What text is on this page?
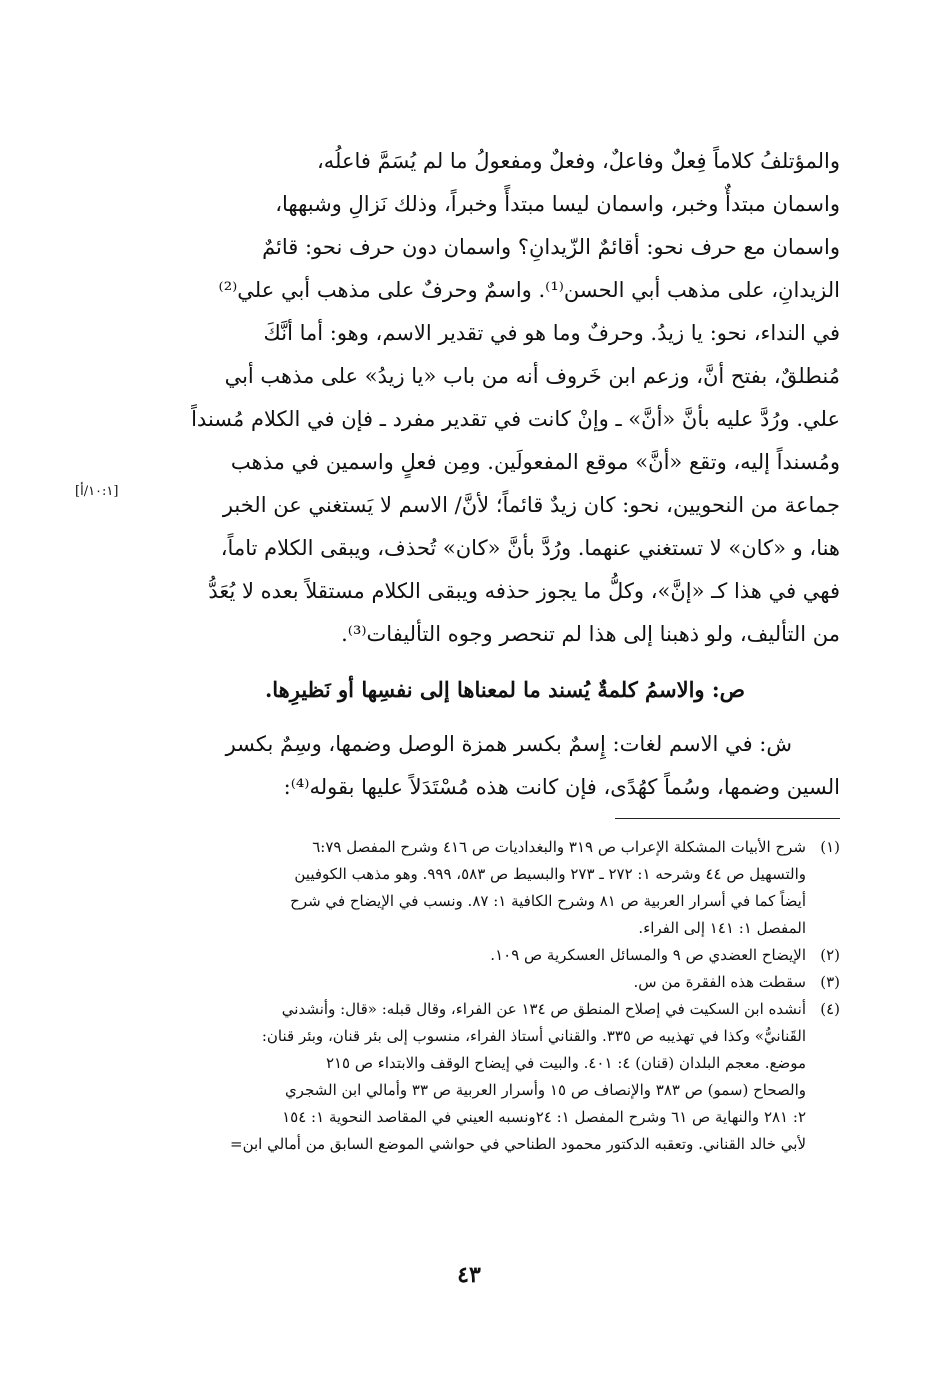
والمؤتلفُ كلاماً فِعلٌ وفاعلٌ، وفعلٌ ومفعولُ ما لم يُسَمَّ فاعلُه،
واسمان مبتدأٌ وخبر، واسمان ليسا مبتدأً وخبراً، وذلك نَزالِ وشبهها،
واسمان مع حرف نحو: أقائمٌ الزّيدانِ؟ واسمان دون حرف نحو: قائمٌ
الزيدانِ، على مذهب أبي الحسن⁽¹⁾. واسمٌ وحرفٌ على مذهب أبي علي⁽²⁾
في النداء، نحو: يا زيدُ. وحرفٌ وما هو في تقدير الاسم، وهو: أما أنَّكَ
مُنطلقٌ، بفتح أنَّ، وزعم ابن خَروف أنه من باب «يا زيدُ» على مذهب أبي
علي. ورُدَّ عليه بأنَّ «أنَّ» ـ وإنْ كانت في تقدير مفرد ـ فإن في الكلام مُسنداً
ومُسنداً إليه، وتقع «أنَّ» موقع المفعولَين. ومِن فعلٍ واسمين في مذهب
جماعة من النحويين، نحو: كان زيدٌ قائماً؛ لأنَّ/ الاسم لا يَستغني عن الخبر
هنا، و «كان» لا تستغني عنهما. ورُدَّ بأنَّ «كان» تُحذف، ويبقى الكلام تاماً،
فهي في هذا كـ «إنَّ»، وكلُّ ما يجوز حذفه ويبقى الكلام مستقلاً بعده لا يُعَدُّ
من التأليف، ولو ذهبنا إلى هذا لم تنحصر وجوه التأليفات⁽³⁾.
ص: والاسمُ كلمةٌ يُسند ما لمعناها إلى نفسِها أو نَظيرِها.
ش: في الاسم لغات: إِسمٌ بكسر همزة الوصل وضمها، وسِمٌ بكسر
السين وضمها، وسُماً كهُدًى، فإن كانت هذه مُسْتَدَلاً عليها بقوله⁽⁴⁾:
[١٠:١/أ]
(١)
شرح الأبيات المشكلة الإعراب ص ٣١٩ والبغداديات ص ٤١٦ وشرح المفصل ٦:٧٩
والتسهيل ص ٤٤ وشرحه ١: ٢٧٢ ـ ٢٧٣ والبسيط ص ٥٨٣، ٩٩٩. وهو مذهب الكوفيين
أيضاً كما في أسرار العربية ص ٨١ وشرح الكافية ١: ٨٧. ونسب في الإيضاح في شرح
المفصل ١: ١٤١ إلى الفراء.
(٢)
الإيضاح العضدي ص ٩ والمسائل العسكرية ص ١٠٩.
(٣)
سقطت هذه الفقرة من س.
(٤)
أنشده ابن السكيت في إصلاح المنطق ص ١٣٤ عن الفراء، وقال قبله: «قال: وأنشدني
القَنانيُّ» وكذا في تهذيبه ص ٣٣٥. والقناني أستاذ الفراء، منسوب إلى بئر قنان، وبئر قنان:
موضع. معجم البلدان (قنان) ٤: ٤٠١. والبيت في إيضاح الوقف والابتداء ص ٢١٥
والصحاح (سمو) ص ٣٨٣ والإنصاف ص ١٥ وأسرار العربية ص ٣٣ وأمالي ابن الشجري
٢: ٢٨١ والنهاية ص ٦١ وشرح المفصل ١: ٢٤ونسبه العيني في المقاصد النحوية ١: ١٥٤
لأبي خالد القناني. وتعقبه الدكتور محمود الطناحي في حواشي الموضع السابق من أمالي ابن=
٤٣
